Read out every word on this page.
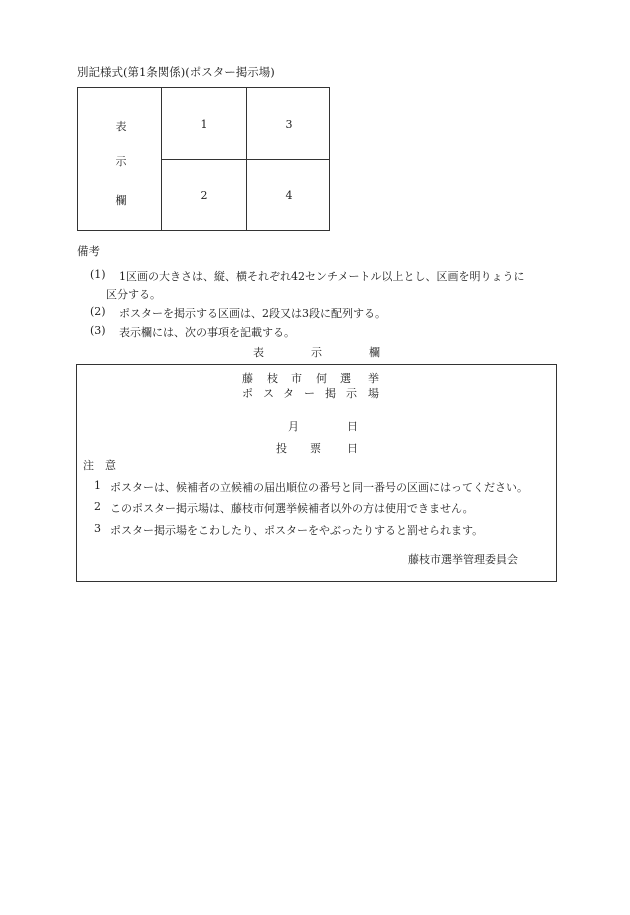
別記様式(第1条関係)(ポスター掲示場)
表
示
欄
1	3
2	4
備考
(1) 1区画の大きさは、縦、横それぞれ42センチメートル以上とし、区画を明りょうに
区分する。
(2) ポスターを掲示する区画は、2段又は3段に配列する。
(3) 表示欄には、次の事項を記載する。
表	示	欄
藤 枝 市 何 選 挙
ポ ス タ ー 掲 示 場
月	日
投 票 日
注　意
1 ポスターは、候補者の立候補の届出順位の番号と同一番号の区画にはってください。
2 このポスター掲示場は、藤枝市何選挙候補者以外の方は使用できません。
3 ポスター掲示場をこわしたり、ポスターをやぶったりすると罰せられます。
藤枝市選挙管理委員会
